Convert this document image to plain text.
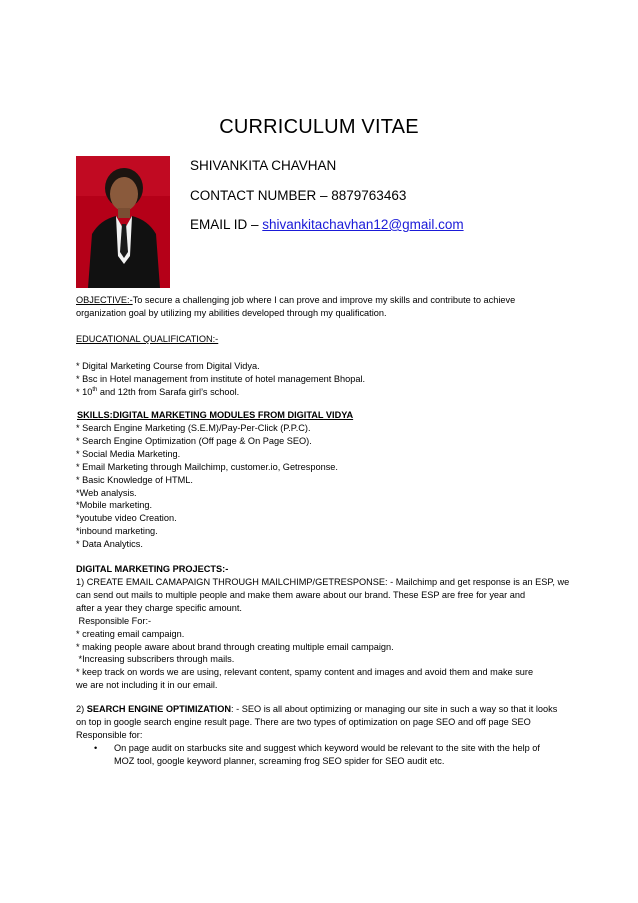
CURRICULUM VITAE
SHIVANKITA CHAVHAN
CONTACT NUMBER – 8879763463
EMAIL ID – shivankitachavhan12@gmail.com
OBJECTIVE:-To secure a challenging job where I can prove and improve my skills and contribute to achieve
organization goal by utilizing my abilities developed through my qualification.
EDUCATIONAL QUALIFICATION:-
* Digital Marketing Course from Digital Vidya.
* Bsc in Hotel management from institute of hotel management Bhopal.
* 10th and 12th from Sarafa girl’s school.
SKILLS:DIGITAL MARKETING MODULES FROM DIGITAL VIDYA
* Search Engine Marketing (S.E.M)/Pay-Per-Click (P.P.C).
* Search Engine Optimization (Off page & On Page SEO).
* Social Media Marketing.
* Email Marketing through Mailchimp, customer.io, Getresponse.
* Basic Knowledge of HTML.
*Web analysis.
*Mobile marketing.
*youtube video Creation.
*inbound marketing.
* Data Analytics.
DIGITAL MARKETING PROJECTS:-
1) CREATE EMAIL CAMAPAIGN THROUGH MAILCHIMP/GETRESPONSE: - Mailchimp and get response is an ESP, we
can send out mails to multiple people and make them aware about our brand. These ESP are free for year and
after a year they charge specific amount.
Responsible For:-
* creating email campaign.
* making people aware about brand through creating multiple email campaign.
*Increasing subscribers through mails.
* keep track on words we are using, relevant content, spamy content and images and avoid them and make sure
we are not including it in our email.
2) SEARCH ENGINE OPTIMIZATION: - SEO is all about optimizing or managing our site in such a way so that it looks
on top in google search engine result page. There are two types of optimization on page SEO and off page SEO
Responsible for:
• On page audit on starbucks site and suggest which keyword would be relevant to the site with the help of
MOZ tool, google keyword planner, screaming frog SEO spider for SEO audit etc.
